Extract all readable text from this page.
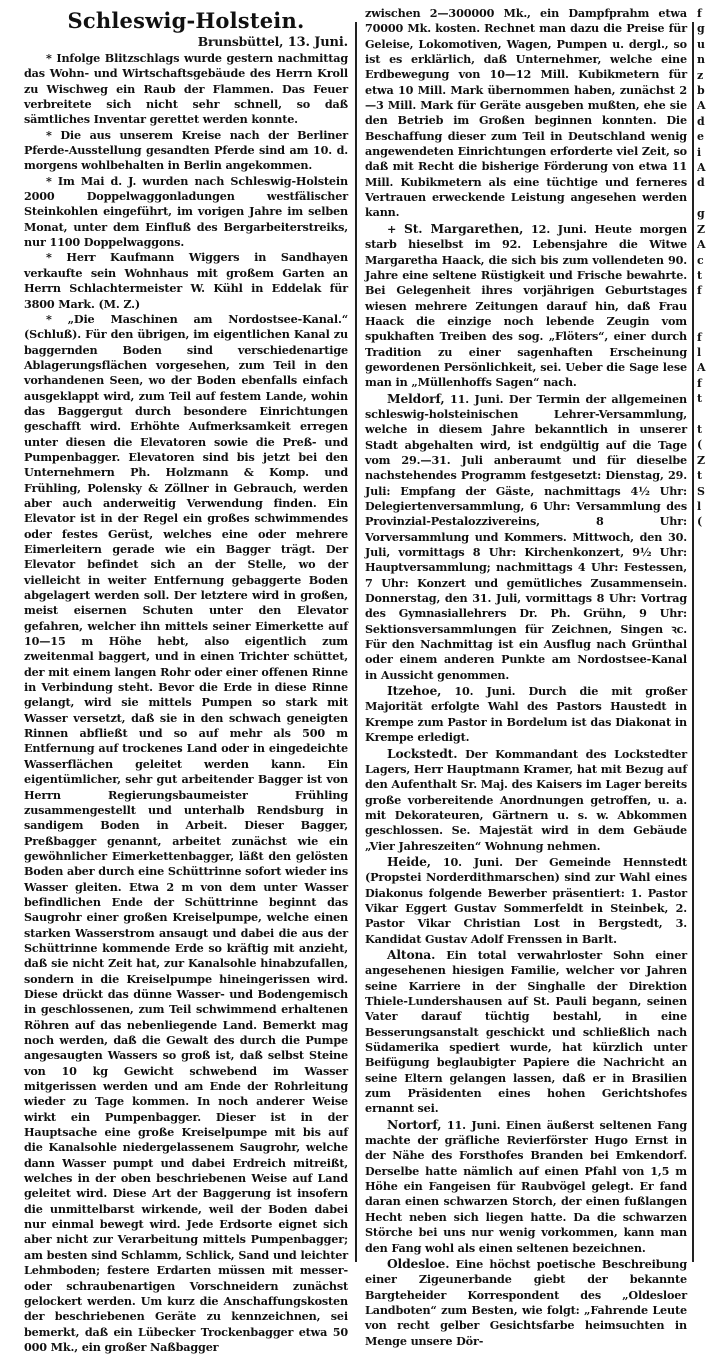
Schleswig-Holstein.
Brunsbüttel, 13. Juni.

* Infolge Blitzschlags wurde gestern nachmittag das Wohn- und Wirtschaftsgebäude des Herrn Kroll zu Wischweg ein Raub der Flammen. Das Feuer verbreitete sich nicht sehr schnell, so daß sämtliches Inventar gerettet werden konnte.

* Die aus unserem Kreise nach der Berliner Pferde-Ausstellung gesandten Pferde sind am 10. d. morgens wohlbehalten in Berlin angekommen.

* Im Mai d. J. wurden nach Schleswig-Holstein 2000 Doppelwaggonladungen westfälischer Steinkohlen eingeführt, im vorigen Jahre im selben Monat, unter dem Einfluß des Bergarbeiterstreiks, nur 1100 Doppelwaggons.

* Herr Kaufmann Wiggers in Sandhayen verkaufte sein Wohnhaus mit großem Garten an Herrn Schlachtermeister W. Kühl in Eddelak für 3800 Mark. (M. Z.)

* „Die Maschinen am Nordostsee-Kanal.“ (Schluß). Für den übrigen, im eigentlichen Kanal zu baggernden Boden sind verschiedenartige Ablagerungsflächen vorgesehen, zum Teil in den vorhandenen Seen, wo der Boden ebenfalls einfach ausgeklappt wird, zum Teil auf festem Lande, wohin das Baggergut durch besondere Einrichtungen geschafft wird. Erhöhte Aufmerksamkeit erregen unter diesen die Elevatoren sowie die Preß- und Pumpenbagger. Elevatoren sind bis jetzt bei den Unternehmern Ph. Holzmann & Komp. und Frühling, Polensky & Zöllner in Gebrauch, werden aber auch anderweitig Verwendung finden. Ein Elevator ist in der Regel ein großes schwimmendes oder festes Gerüst, welches eine oder mehrere Eimerleitern gerade wie ein Bagger trägt. Der Elevator befindet sich an der Stelle, wo der vielleicht in weiter Entfernung gebaggerte Boden abgelagert werden soll. Der letztere wird in großen, meist eisernen Schuten unter den Elevator gefahren, welcher ihn mittels seiner Eimerkette auf 10—15 m Höhe hebt, also eigentlich zum zweitenmal baggert, und in einen Trichter schüttet, der mit einem langen Rohr oder einer offenen Rinne in Verbindung steht. Bevor die Erde in diese Rinne gelangt, wird sie mittels Pumpen so stark mit Wasser versetzt, daß sie in den schwach geneigten Rinnen abfließt und so auf mehr als 500 m Entfernung auf trockenes Land oder in eingedeichte Wasserflächen geleitet werden kann. Ein eigentümlicher, sehr gut arbeitender Bagger ist von Herrn Regierungsbaumeister Frühling zusammengestellt und unterhalb Rendsburg in sandigem Boden in Arbeit. Dieser Bagger, Preßbagger genannt, arbeitet zunächst wie ein gewöhnlicher Eimerkettenbagger, läßt den gelösten Boden aber durch eine Schüttrinne sofort wieder ins Wasser gleiten. Etwa 2 m von dem unter Wasser befindlichen Ende der Schüttrinne beginnt das Saugrohr einer großen Kreiselpumpe, welche einen starken Wasserstrom ansaugt und dabei die aus der Schüttrinne kommende Erde so kräftig mit anzieht, daß sie nicht Zeit hat, zur Kanalsohle hinabzufallen, sondern in die Kreiselpumpe hineingerissen wird. Diese drückt das dünne Wasser- und Bodengemisch in geschlossenen, zum Teil schwimmend erhaltenen Röhren auf das nebenliegende Land. Bemerkt mag noch werden, daß die Gewalt des durch die Pumpe angesaugten Wassers so groß ist, daß selbst Steine von 10 kg Gewicht schwebend im Wasser mitgerissen werden und am Ende der Rohrleitung wieder zu Tage kommen. In noch anderer Weise wirkt ein Pumpenbagger. Dieser ist in der Hauptsache eine große Kreiselpumpe mit bis auf die Kanalsohle niedergelassenem Saugrohr, welche dann Wasser pumpt und dabei Erdreich mitreißt, welches in der oben beschriebenen Weise auf Land geleitet wird. Diese Art der Baggerung ist insofern die unmittelbarst wirkende, weil der Boden dabei nur einmal bewegt wird. Jede Erdsorte eignet sich aber nicht zur Verarbeitung mittels Pumpenbagger; am besten sind Schlamm, Schlick, Sand und leichter Lehmboden; festere Erdarten müssen mit messer- oder schraubenartigen Vorschneidern zunächst gelockert werden. Um kurz die Anschaffungskosten der beschriebenen Geräte zu kennzeichnen, sei bemerkt, daß ein Lübecker Trockenbagger etwa 50 000 Mk., ein großer Naßbagger

zwischen 2—300000 Mk., ein Dampfprahm etwa 70000 Mk. kosten. Rechnet man dazu die Preise für Geleise, Lokomotiven, Wagen, Pumpen u. dergl., so ist es erklärlich, daß Unternehmer, welche eine Erdbewegung von 10—12 Mill. Kubikmetern für etwa 10 Mill. Mark übernommen haben, zunächst 2—3 Mill. Mark für Geräte ausgeben mußten, ehe sie den Betrieb im Großen beginnen konnten. Die Beschaffung dieser zum Teil in Deutschland wenig angewendeten Einrichtungen erforderte viel Zeit, so daß mit Recht die bisherige Förderung von etwa 11 Mill. Kubikmetern als eine tüchtige und ferneres Vertrauen erweckende Leistung angesehen werden kann.

+ St. Margarethen, 12. Juni. Heute morgen starb hieselbst im 92. Lebensjahre die Witwe Margaretha Haack, die sich bis zum vollendeten 90. Jahre eine seltene Rüstigkeit und Frische bewahrte. Bei Gelegenheit ihres vorjährigen Geburtstages wiesen mehrere Zeitungen darauf hin, daß Frau Haack die einzige noch lebende Zeugin vom spukhaften Treiben des sog. „Flöters“, einer durch Tradition zu einer sagenhaften Erscheinung gewordenen Persönlichkeit, sei. Ueber die Sage lese man in „Müllenhoffs Sagen“ nach.

Meldorf, 11. Juni. Der Termin der allgemeinen schleswig-holsteinischen Lehrer-Versammlung, welche in diesem Jahre bekanntlich in unserer Stadt abgehalten wird, ist endgültig auf die Tage vom 29.—31. Juli anberaumt und für dieselbe nachstehendes Programm festgesetzt: Dienstag, 29. Juli: Empfang der Gäste, nachmittags 4½ Uhr: Delegiertenversammlung, 6 Uhr: Versammlung des Provinzial-Pestalozzivereins, 8 Uhr: Vorversammlung und Kommers. Mittwoch, den 30. Juli, vormittags 8 Uhr: Kirchenkonzert, 9½ Uhr: Hauptversammlung; nachmittags 4 Uhr: Festessen, 7 Uhr: Konzert und gemütliches Zusammensein. Donnerstag, den 31. Juli, vormittags 8 Uhr: Vortrag des Gymnasiallehrers Dr. Ph. Grühn, 9 Uhr: Sektionsversammlungen für Zeichnen, Singen ꝛc. Für den Nachmittag ist ein Ausflug nach Grünthal oder einem anderen Punkte am Nordostsee-Kanal in Aussicht genommen.

Itzehoe, 10. Juni. Durch die mit großer Majorität erfolgte Wahl des Pastors Haustedt in Krempe zum Pastor in Bordelum ist das Diakonat in Krempe erledigt.

Lockstedt. Der Kommandant des Lockstedter Lagers, Herr Hauptmann Kramer, hat mit Bezug auf den Aufenthalt Sr. Maj. des Kaisers im Lager bereits große vorbereitende Anordnungen getroffen, u. a. mit Dekorateuren, Gärtnern u. s. w. Abkommen geschlossen. Se. Majestät wird in dem Gebäude „Vier Jahreszeiten“ Wohnung nehmen.

Heide, 10. Juni. Der Gemeinde Hennstedt (Propstei Norderdithmarschen) sind zur Wahl eines Diakonus folgende Bewerber präsentiert: 1. Pastor Vikar Eggert Gustav Sommerfeldt in Steinbek, 2. Pastor Vikar Christian Lost in Bergstedt, 3. Kandidat Gustav Adolf Frenssen in Barlt.

Altona. Ein total verwahrloster Sohn einer angesehenen hiesigen Familie, welcher vor Jahren seine Karriere in der Singhalle der Direktion Thiele-Lundershausen auf St. Pauli begann, seinen Vater darauf tüchtig bestahl, in eine Besserungsanstalt geschickt und schließlich nach Südamerika spediert wurde, hat kürzlich unter Beifügung beglaubigter Papiere die Nachricht an seine Eltern gelangen lassen, daß er in Brasilien zum Präsidenten eines hohen Gerichtshofes ernannt sei.

Nortorf, 11. Juni. Einen äußerst seltenen Fang machte der gräfliche Revierförster Hugo Ernst in der Nähe des Forsthofes Branden bei Emkendorf. Derselbe hatte nämlich auf einen Pfahl von 1,5 m Höhe ein Fangeisen für Raubvögel gelegt. Er fand daran einen schwarzen Storch, der einen fußlangen Hecht neben sich liegen hatte. Da die schwarzen Störche bei uns nur wenig vorkommen, kann man den Fang wohl als einen seltenen bezeichnen.

Oldesloe. Eine höchst poetische Beschreibung einer Zigeunerbande giebt der bekannte Bargteheider Korrespondent des „Oldesloer Landboten“ zum Besten, wie folgt: „Fahrende Leute von recht gelber Gesichtsfarbe heimsuchten in Menge unsere Dör-

f
g
u
n
z
b
A
d
e
i
A
d

g
Z
A
c
t
f

f
l
A
f
t

t
(
Z
t
S
l
(
